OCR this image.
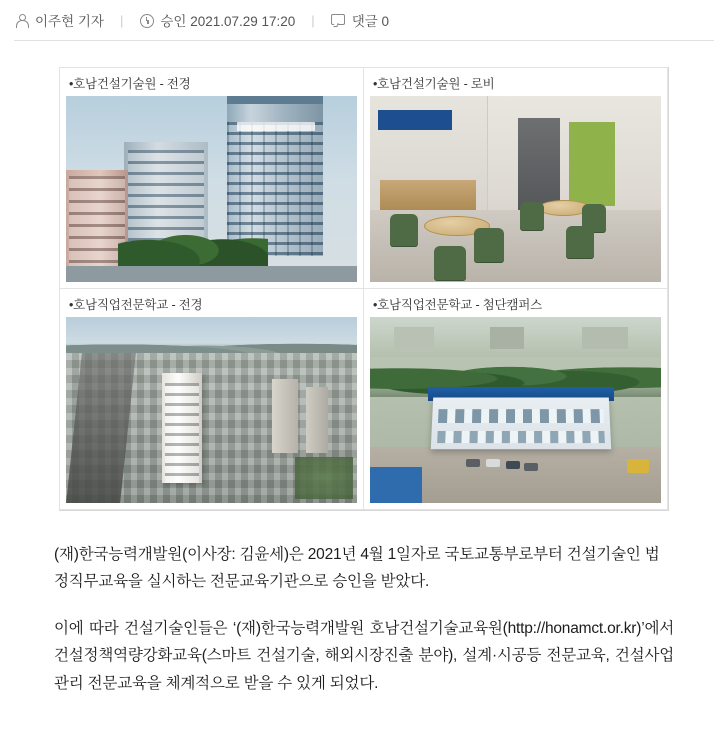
이주현 기자 |	승인 2021.07.29 17:20 |	댓글 0
•호남건설기술원 - 전경	•호남건설기술원 - 로비
•호남직업전문학교 - 전경	•호남직업전문학교 - 첨단캠퍼스

(재)한국능력개발원(이사장: 김윤세)은 2021년 4월 1일자로 국토교통부로부터 건설기술인 법정직무교육을 실시하는 전문교육기관으로 승인을 받았다.

이에 따라 건설기술인들은 ‘(재)한국능력개발원 호남건설기술교육원(http://honamct.or.kr)’에서 건설정책역량강화교육(스마트 건설기술, 해외시장진출 분야), 설계·시공등 전문교육, 건설사업관리 전문교육을 체계적으로 받을 수 있게 되었다.
